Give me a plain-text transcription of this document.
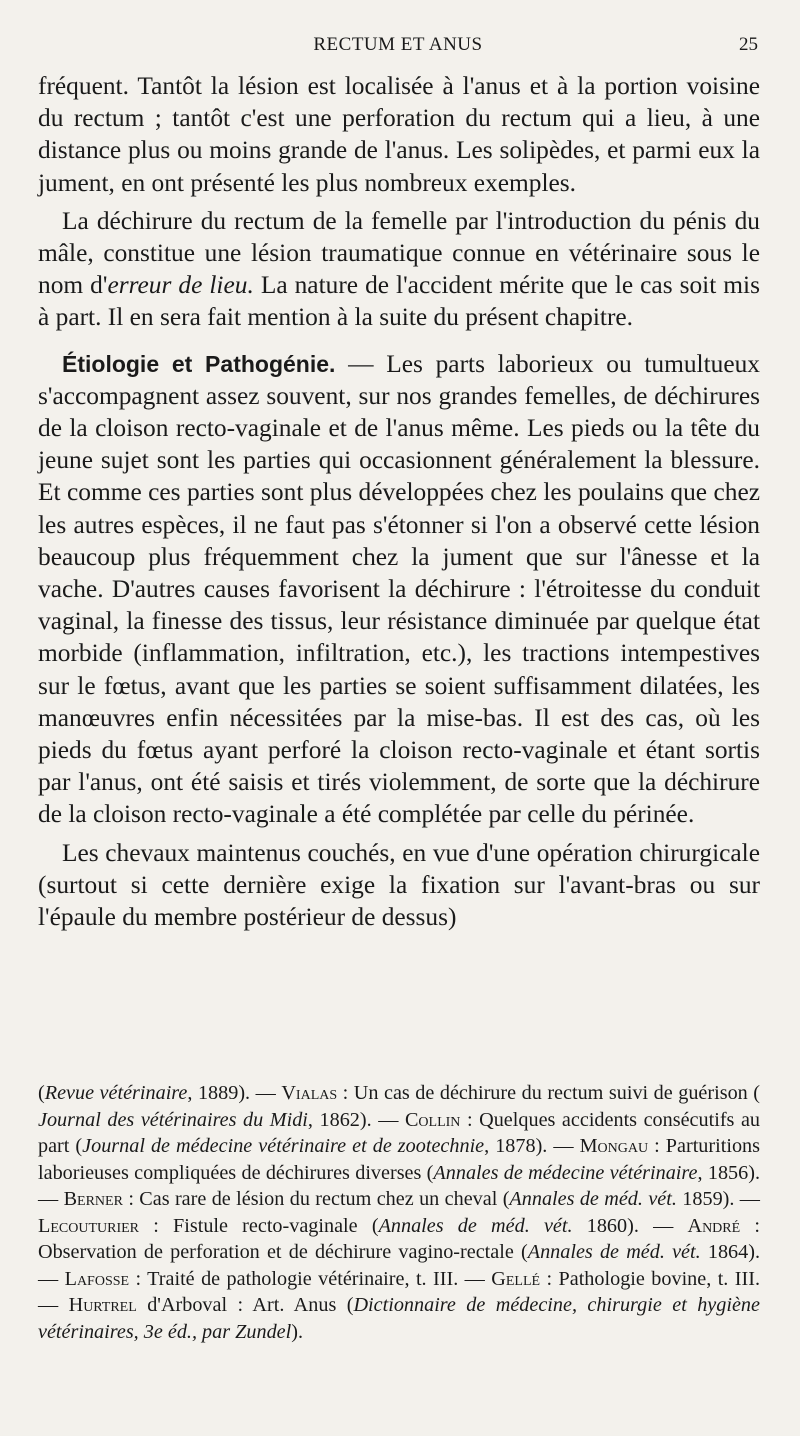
RECTUM ET ANUS	25

fréquent. Tantôt la lésion est localisée à l'anus et à la portion voisine du rectum ; tantôt c'est une perforation du rectum qui a lieu, à une distance plus ou moins grande de l'anus. Les solipèdes, et parmi eux la jument, en ont présenté les plus nombreux exemples.

La déchirure du rectum de la femelle par l'introduction du pénis du mâle, constitue une lésion traumatique connue en vétérinaire sous le nom d'erreur de lieu. La nature de l'accident mérite que le cas soit mis à part. Il en sera fait mention à la suite du présent chapitre.

Étiologie et Pathogénie. — Les parts laborieux ou tumultueux s'accompagnent assez souvent, sur nos grandes femelles, de déchirures de la cloison recto-vaginale et de l'anus même. Les pieds ou la tête du jeune sujet sont les parties qui occasionnent généralement la blessure. Et comme ces parties sont plus développées chez les poulains que chez les autres espèces, il ne faut pas s'étonner si l'on a observé cette lésion beaucoup plus fréquemment chez la jument que sur l'ânesse et la vache. D'autres causes favorisent la déchirure : l'étroitesse du conduit vaginal, la finesse des tissus, leur résistance diminuée par quelque état morbide (inflammation, infiltration, etc.), les tractions intempestives sur le fœtus, avant que les parties se soient suffisamment dilatées, les manœuvres enfin nécessitées par la mise-bas. Il est des cas, où les pieds du fœtus ayant perforé la cloison recto-vaginale et étant sortis par l'anus, ont été saisis et tirés violemment, de sorte que la déchirure de la cloison recto-vaginale a été complétée par celle du périnée.

Les chevaux maintenus couchés, en vue d'une opération chirurgicale (surtout si cette dernière exige la fixation sur l'avant-bras ou sur l'épaule du membre postérieur de dessus)

(Revue vétérinaire, 1889). — Vialas : Un cas de déchirure du rectum suivi de guérison ( Journal des vétérinaires du Midi, 1862). — Collin : Quelques accidents consécutifs au part (Journal de médecine vétérinaire et de zootechnie, 1878). — Mongau : Parturitions laborieuses compliquées de déchirures diverses (Annales de médecine vétérinaire, 1856). — Berner : Cas rare de lésion du rectum chez un cheval (Annales de méd. vét. 1859). — Lecouturier : Fistule recto-vaginale (Annales de méd. vét. 1860). — André : Observation de perforation et de déchirure vagino-rectale (Annales de méd. vét. 1864). — Lafosse : Traité de pathologie vétérinaire, t. III. — Gellé : Pathologie bovine, t. III. — Hurtrel d'Arboval : Art. Anus (Dictionnaire de médecine, chirurgie et hygiène vétérinaires, 3e éd., par Zundel).
